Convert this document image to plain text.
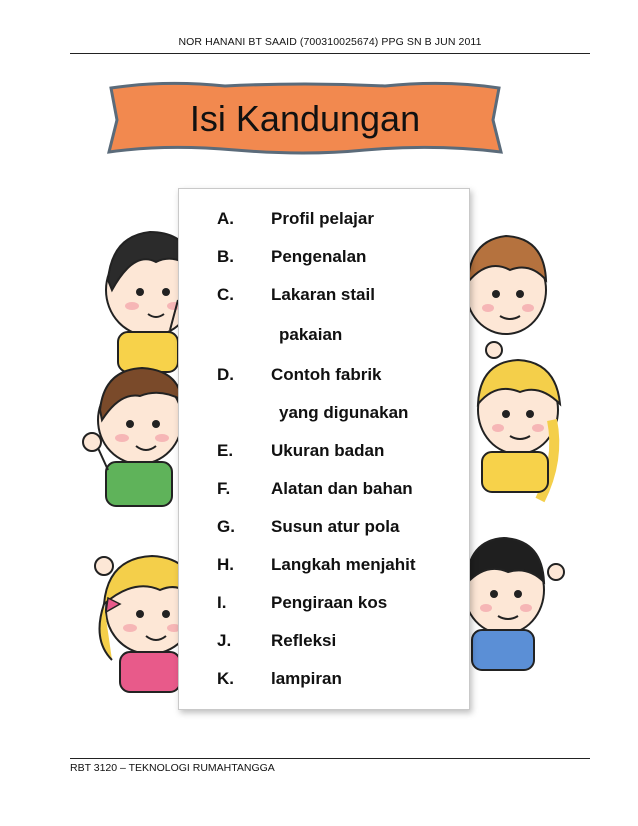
NOR HANANI BT SAAID (700310025674) PPG SN B JUN 2011
Isi Kandungan
A. Profil pelajar
B. Pengenalan
C. Lakaran stail
pakaian
D. Contoh fabrik
yang digunakan
E. Ukuran badan
F. Alatan dan bahan
G. Susun atur pola
H. Langkah menjahit
I.	Pengiraan kos
J. Refleksi
K. lampiran
RBT 3120 – TEKNOLOGI RUMAHTANGGA
